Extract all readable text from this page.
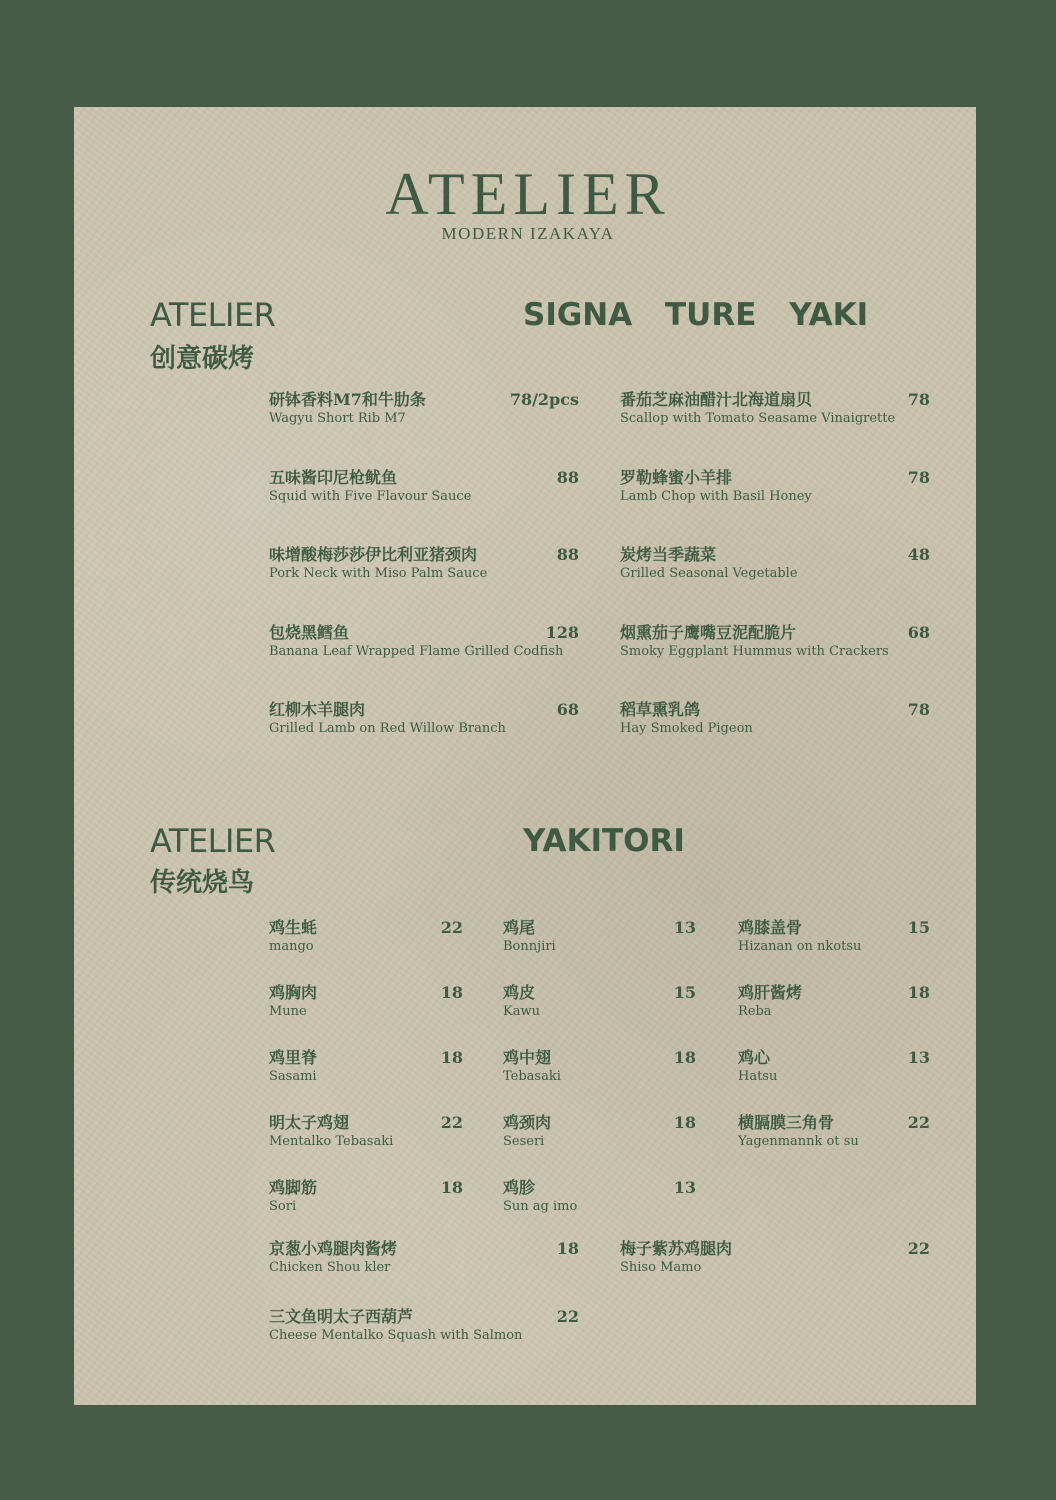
ATELIER
MODERN IZAKAYA
ATELIER
创意碳烤
SIGNA TURE YAKI
研钵香料M7和牛肋条
Wagyu Short Rib M7
78/2pcs
五味酱印尼枪鱿鱼
Squid with Five Flavour Sauce
88
味增酸梅莎莎伊比利亚猪颈肉
Pork Neck with Miso Palm Sauce
88
包烧黑鳕鱼
Banana Leaf Wrapped Flame Grilled Codfish
128
红柳木羊腿肉
Grilled Lamb on Red Willow Branch
68
番茄芝麻油醋汁北海道扇贝
Scallop with Tomato Seasame Vinaigrette
78
罗勒蜂蜜小羊排
Lamb Chop with Basil Honey
78
炭烤当季蔬菜
Grilled Seasonal Vegetable
48
烟熏茄子鹰嘴豆泥配脆片
Smoky Eggplant Hummus with Crackers
68
稻草熏乳鸽
Hay Smoked Pigeon
78
ATELIER
传统烧鸟
YAKITORI
鸡生蚝
mango
22
鸡胸肉
Mune
18
鸡里脊
Sasami
18
明太子鸡翅
Mentalko Tebasaki
22
鸡脚筋
Sori
18
鸡尾
Bonnjiri
13
鸡皮
Kawu
15
鸡中翅
Tebasaki
18
鸡颈肉
Seseri
18
鸡胗
Sun ag imo
13
鸡膝盖骨
Hizanan on nkotsu
15
鸡肝酱烤
Reba
18
鸡心
Hatsu
13
横膈膜三角骨
Yagenmannk ot su
22
京葱小鸡腿肉酱烤
Chicken Shou kler
18
三文鱼明太子西葫芦
Cheese Mentalko Squash with Salmon
22
梅子紫苏鸡腿肉
Shiso Mamo
22
